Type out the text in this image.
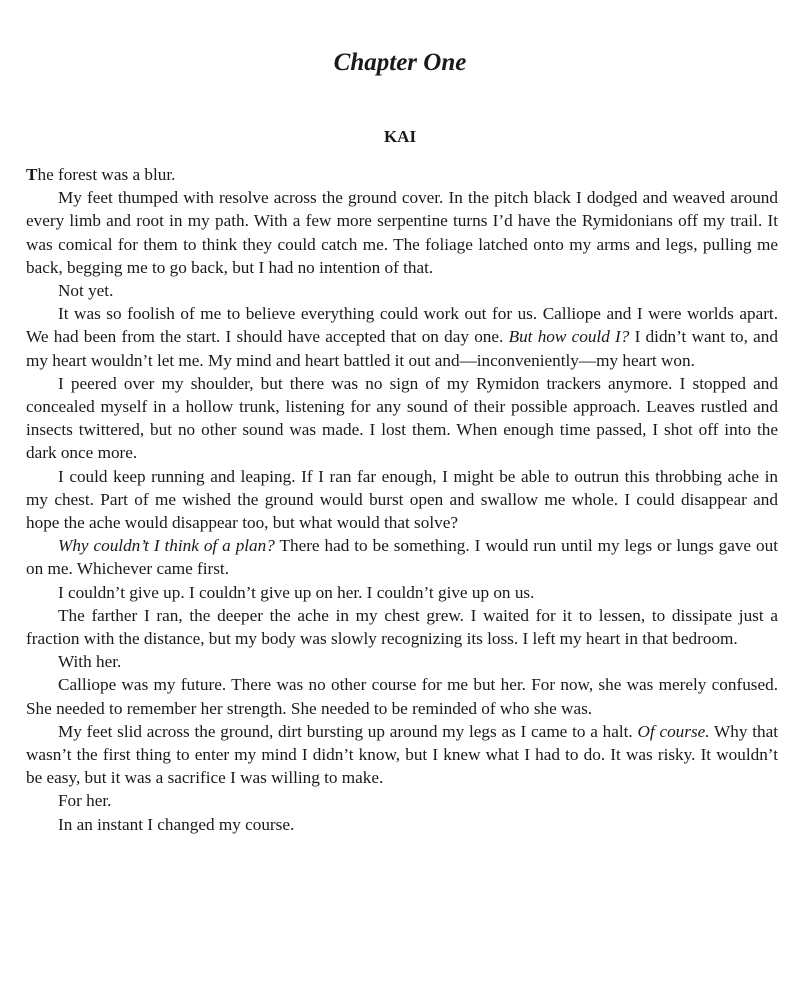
Chapter One
KAI

The forest was a blur.

My feet thumped with resolve across the ground cover. In the pitch black I dodged and weaved around every limb and root in my path. With a few more serpentine turns I’d have the Rymidonians off my trail. It was comical for them to think they could catch me. The foliage latched onto my arms and legs, pulling me back, begging me to go back, but I had no intention of that.

Not yet.

It was so foolish of me to believe everything could work out for us. Calliope and I were worlds apart. We had been from the start. I should have accepted that on day one. But how could I? I didn’t want to, and my heart wouldn’t let me. My mind and heart battled it out and—inconveniently—my heart won.

I peered over my shoulder, but there was no sign of my Rymidon trackers anymore. I stopped and concealed myself in a hollow trunk, listening for any sound of their possible approach. Leaves rustled and insects twittered, but no other sound was made. I lost them. When enough time passed, I shot off into the dark once more.

I could keep running and leaping. If I ran far enough, I might be able to outrun this throbbing ache in my chest. Part of me wished the ground would burst open and swallow me whole. I could disappear and hope the ache would disappear too, but what would that solve?

Why couldn’t I think of a plan? There had to be something. I would run until my legs or lungs gave out on me. Whichever came first.

I couldn’t give up. I couldn’t give up on her. I couldn’t give up on us.

The farther I ran, the deeper the ache in my chest grew. I waited for it to lessen, to dissipate just a fraction with the distance, but my body was slowly recognizing its loss. I left my heart in that bedroom.

With her.

Calliope was my future. There was no other course for me but her. For now, she was merely confused. She needed to remember her strength. She needed to be reminded of who she was.

My feet slid across the ground, dirt bursting up around my legs as I came to a halt. Of course. Why that wasn’t the first thing to enter my mind I didn’t know, but I knew what I had to do. It was risky. It wouldn’t be easy, but it was a sacrifice I was willing to make.

For her.

In an instant I changed my course.
